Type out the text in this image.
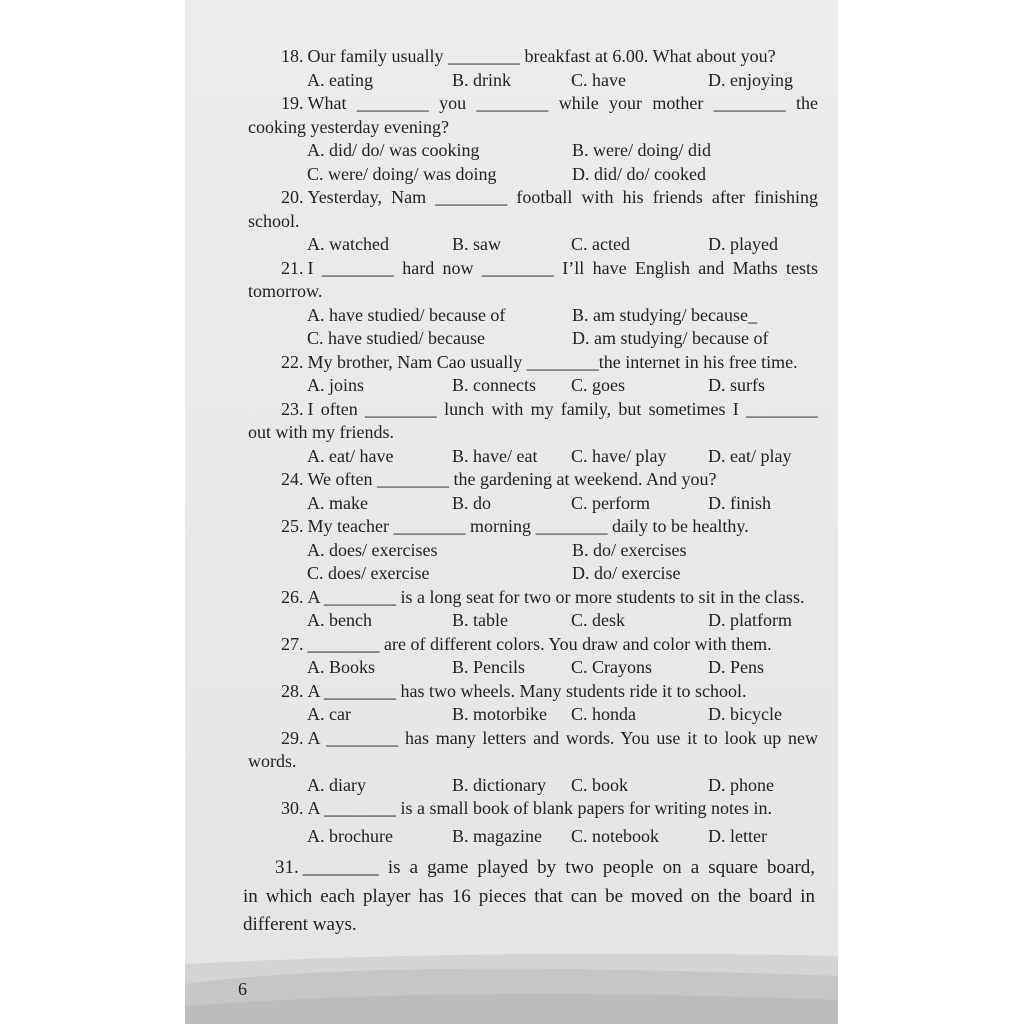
18. Our family usually ________ breakfast at 6.00. What about you?
A. eating	B. drink	C. have	D. enjoying
19. What ________ you ________ while your mother ________ the
cooking yesterday evening?
A. did/ do/ was cooking	B. were/ doing/ did
C. were/ doing/ was doing	D. did/ do/ cooked
20. Yesterday, Nam ________ football with his friends after finishing
school.
A. watched	B. saw	C. acted	D. played
21. I ________ hard now ________ I’ll have English and Maths tests
tomorrow.
A. have studied/ because of	B. am studying/ because_
C. have studied/ because	D. am studying/ because of
22. My brother, Nam Cao usually ________the internet in his free time.
A. joins	B. connects C. goes	D. surfs
23. I often ________ lunch with my family, but sometimes I ________
out with my friends.
A. eat/ have	B. have/ eat C. have/ play D. eat/ play
24. We often ________ the gardening at weekend. And you?
A. make	B. do	C. perform	D. finish
25. My teacher ________ morning ________ daily to be healthy.
A. does/ exercises	B. do/ exercises
C. does/ exercise	D. do/ exercise
26. A ________ is a long seat for two or more students to sit in the class.
A. bench	B. table	C. desk	D. platform
27. ________ are of different colors. You draw and color with them.
A. Books	B. Pencils	C. Crayons	D. Pens
28. A ________ has two wheels. Many students ride it to school.
A. car	B. motorbike C. honda	D. bicycle
29. A ________ has many letters and words. You use it to look up new
words.
A. diary	B. dictionary C. book	D. phone
30. A ________ is a small book of blank papers for writing notes in.
A. brochure	B. magazine C. notebook	D. letter
31. ________ is a game played by two people on a square board,
in which each player has 16 pieces that can be moved on the board in
different ways.
6
